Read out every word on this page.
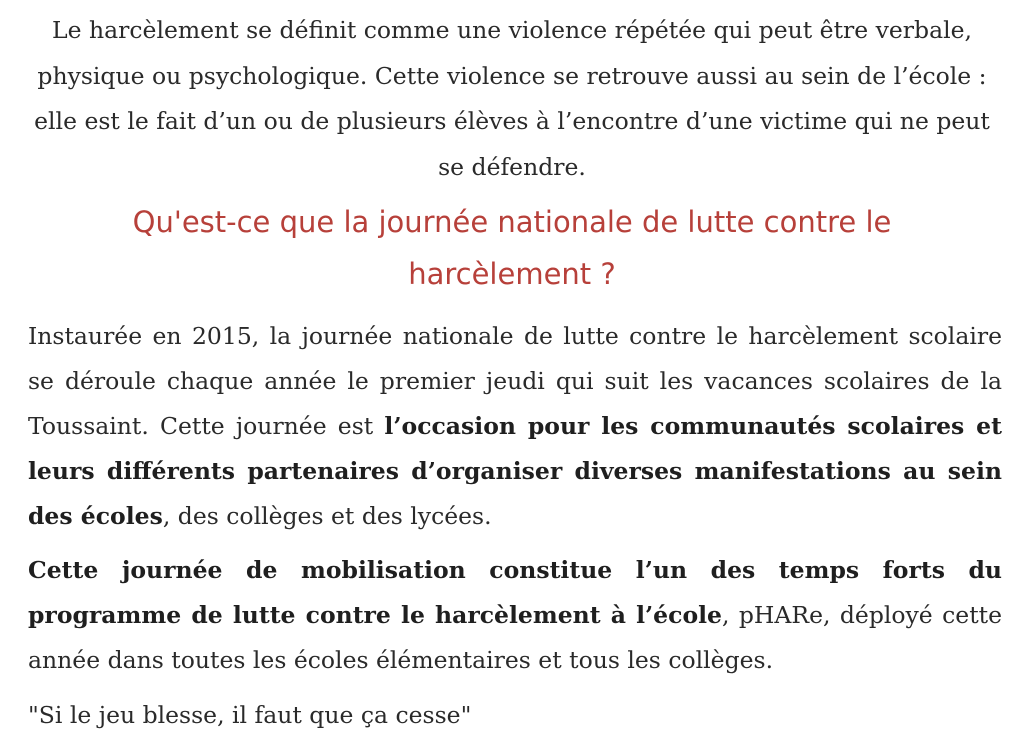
Le harcèlement se définit comme une violence répétée qui peut être verbale, physique ou psychologique. Cette violence se retrouve aussi au sein de l’école : elle est le fait d’un ou de plusieurs élèves à l’encontre d’une victime qui ne peut se défendre.

Qu'est-ce que la journée nationale de lutte contre le harcèlement ?

Instaurée en 2015, la journée nationale de lutte contre le harcèlement scolaire se déroule chaque année le premier jeudi qui suit les vacances scolaires de la Toussaint. Cette journée est l’occasion pour les communautés scolaires et leurs différents partenaires d’organiser diverses manifestations au sein des écoles, des collèges et des lycées.

Cette journée de mobilisation constitue l’un des temps forts du programme de lutte contre le harcèlement à l’école, pHARe, déployé cette année dans toutes les écoles élémentaires et tous les collèges.

"Si le jeu blesse, il faut que ça cesse"
